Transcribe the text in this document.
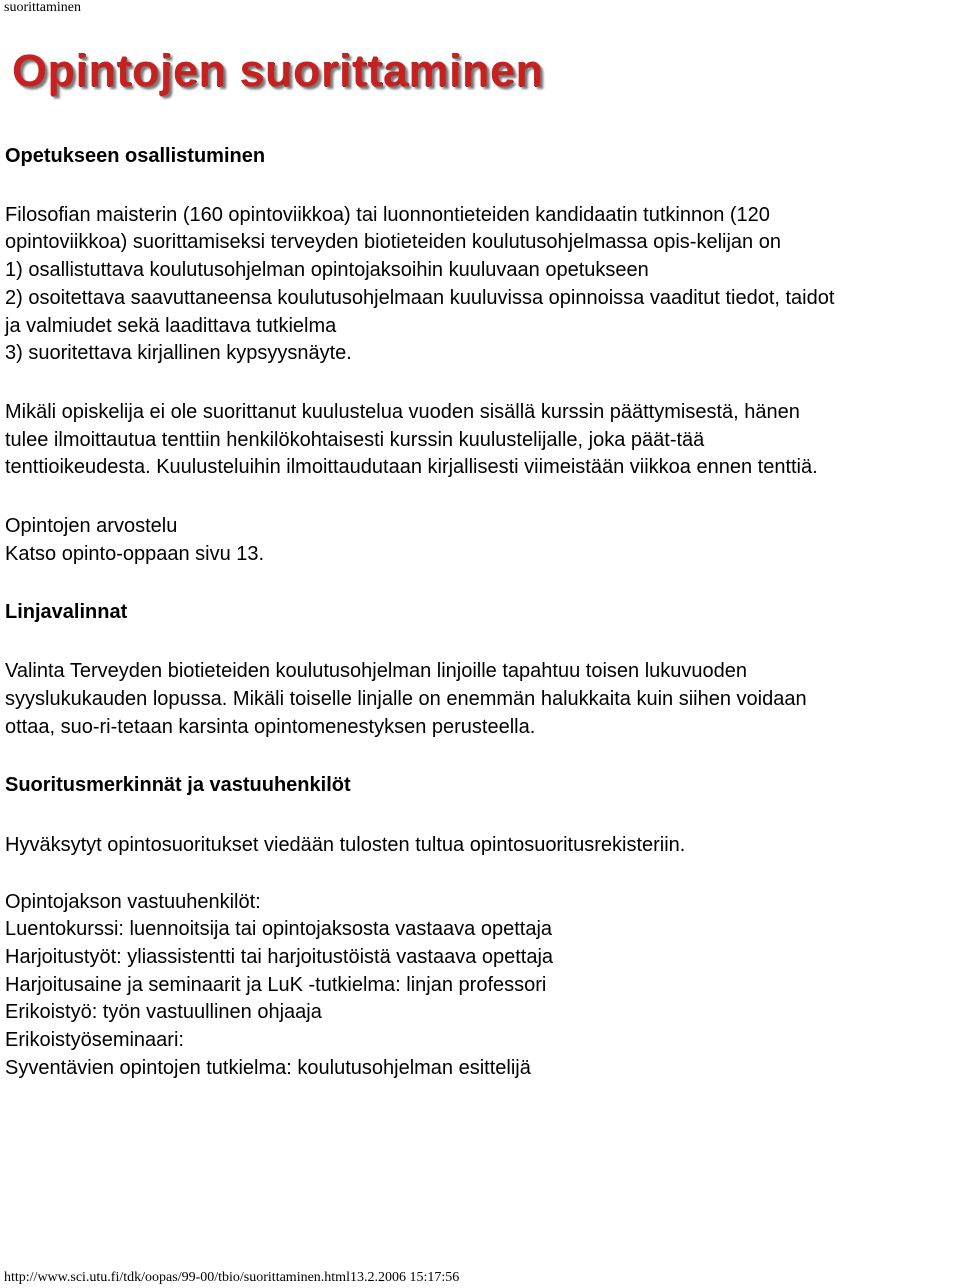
suorittaminen
Opintojen suorittaminen
Opetukseen osallistuminen

Filosofian maisterin (160 opintoviikkoa) tai luonnontieteiden kandidaatin tutkinnon (120
opintoviikkoa) suorittamiseksi terveyden biotieteiden koulutusohjelmassa opis-kelijan on
1) osallistuttava koulutusohjelman opintojaksoihin kuuluvaan opetukseen
2) osoitettava saavuttaneensa koulutusohjelmaan kuuluvissa opinnoissa vaaditut tiedot, taidot
ja valmiudet sekä laadittava tutkielma
3) suoritettava kirjallinen kypsyysnäyte.

Mikäli opiskelija ei ole suorittanut kuulustelua vuoden sisällä kurssin päättymisestä, hänen
tulee ilmoittautua tenttiin henkilökohtaisesti kurssin kuulustelijalle, joka päät-tää
tenttioikeudesta. Kuulusteluihin ilmoittaudutaan kirjallisesti viimeistään viikkoa ennen tenttiä.

Opintojen arvostelu
Katso opinto-oppaan sivu 13.

Linjavalinnat

Valinta Terveyden biotieteiden koulutusohjelman linjoille tapahtuu toisen lukuvuoden
syyslukukauden lopussa. Mikäli toiselle linjalle on enemmän halukkaita kuin siihen voidaan
ottaa, suo-ri-tetaan karsinta opintomenestyksen perusteella.

Suoritusmerkinnät ja vastuuhenkilöt

Hyväksytyt opintosuoritukset viedään tulosten tultua opintosuoritusrekisteriin.

Opintojakson vastuuhenkilöt:
Luentokurssi: luennoitsija tai opintojaksosta vastaava opettaja
Harjoitustyöt: yliassistentti tai harjoitustöistä vastaava opettaja
Harjoitusaine ja seminaarit ja LuK -tutkielma: linjan professori
Erikoistyö: työn vastuullinen ohjaaja
Erikoistyöseminaari:
Syventävien opintojen tutkielma: koulutusohjelman esittelijä

http://www.sci.utu.fi/tdk/oopas/99-00/tbio/suorittaminen.html13.2.2006 15:17:56
